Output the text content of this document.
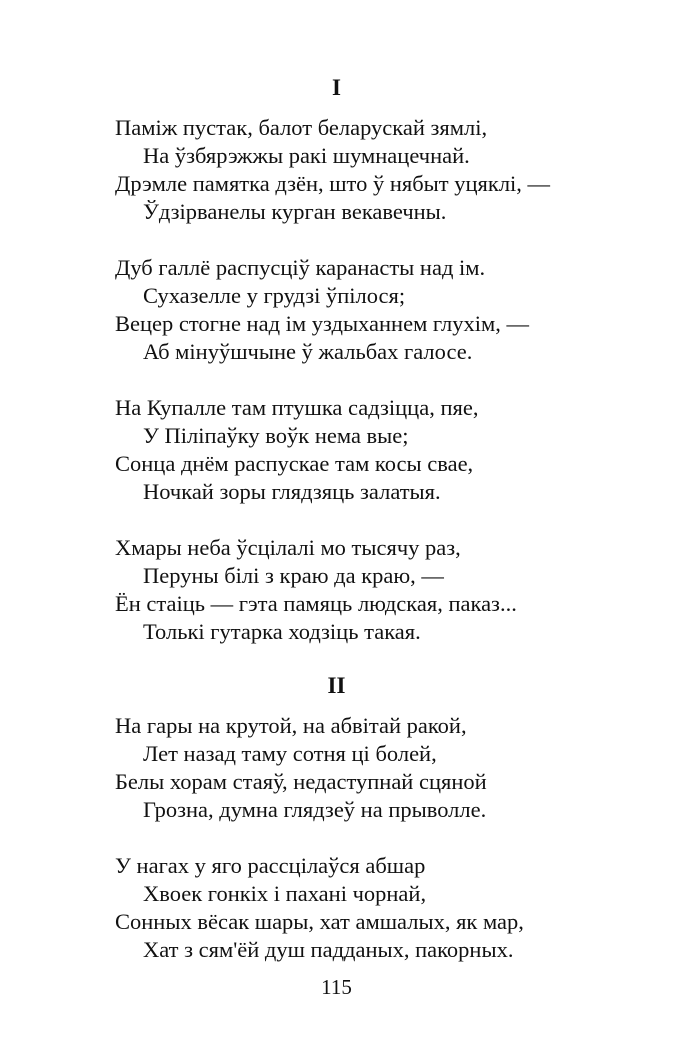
I
Паміж пустак, балот беларускай зямлі,
На ўзбярэжжы ракі шумнацечнай.
Дрэмле памятка дзён, што ў нябыт уцяклі, —
Ўдзірванелы курган векавечны.
Дуб галлё распусціў каранасты над ім.
Сухазелле у грудзі ўпілося;
Вецер стогне над ім уздыханнем глухім, —
Аб мінуўшчыне ў жальбах галосе.
На Купалле там птушка садзіцца, пяе,
У Пiлiпаўку воўк нема вые;
Сонца днём распускае там косы свае,
Ночкай зоры глядзяць залатыя.
Хмары неба ўсцілалі мо тысячу раз,
Перуны білі з краю да краю, —
Ён стаіць — гэта памяць людская, паказ...
Толькі гутарка ходзіць такая.
II
На гары на крутой, на абвітай ракой,
Лет назад таму сотня ці болей,
Белы хорам стаяў, недаступнай сцяной
Грозна, думна глядзеў на прыволле.
У нагах у яго рассцілаўся абшар
Хвоек гонкіх і пахані чорнай,
Сонных вёсак шары, хат амшалых, як мар,
Хат з сям'ёй душ падданых, пакорных.
115
